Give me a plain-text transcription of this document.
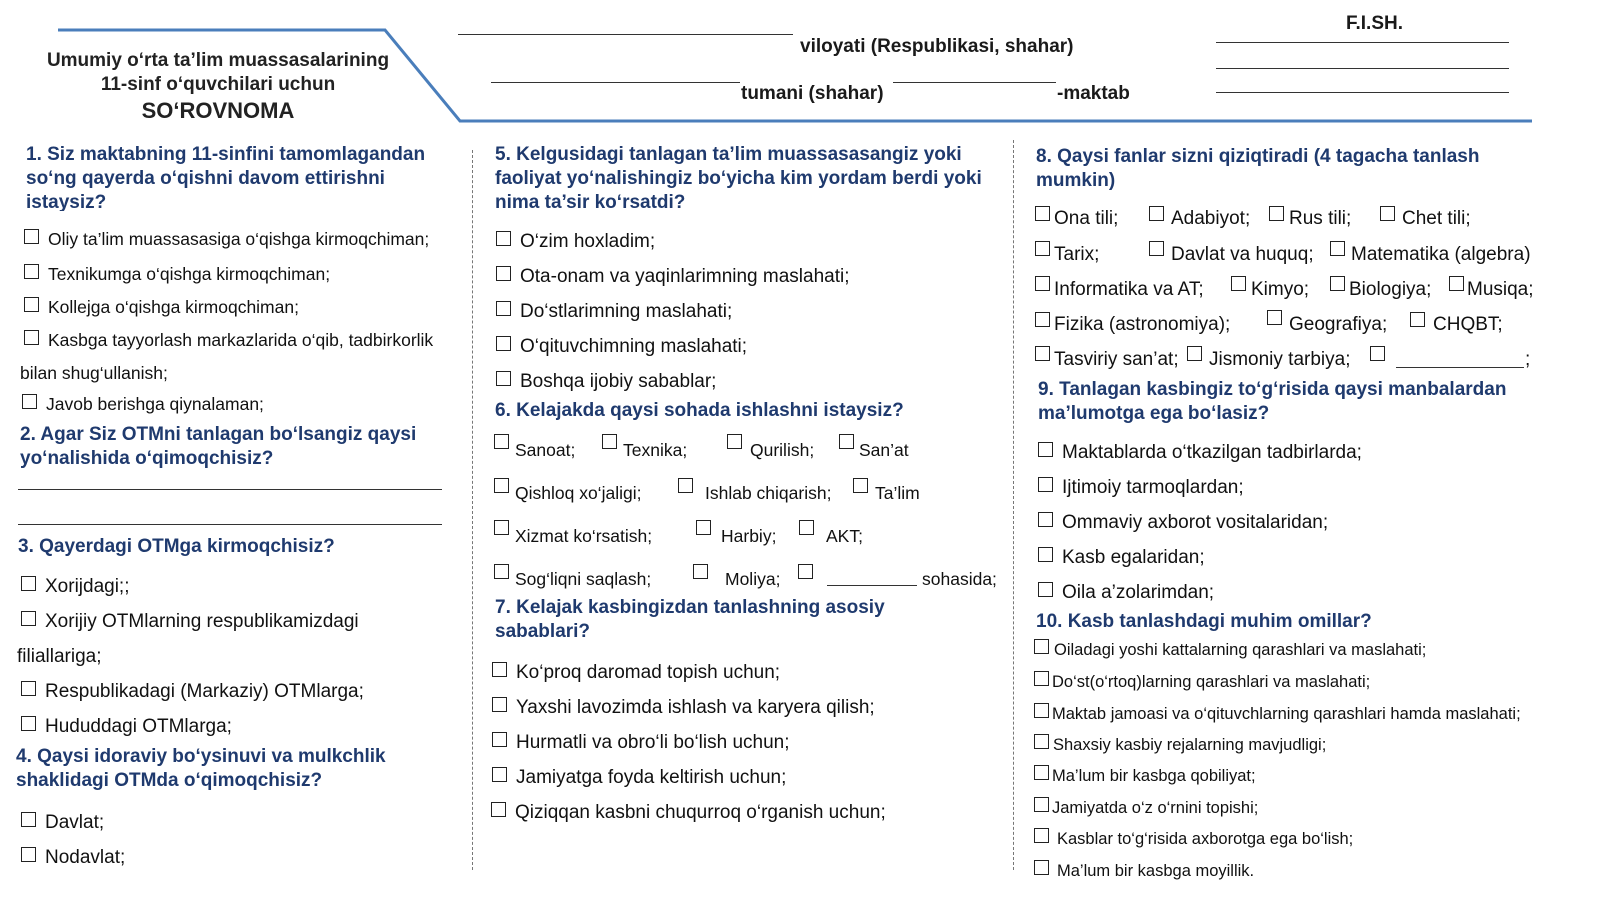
Umumiy o‘rta ta’lim muassasalarining
11-sinf o‘quvchilari uchun
SO‘ROVNOMA
viloyati (Respublikasi, shahar)
tumani (shahar)	-maktab
F.I.SH.
1. Siz maktabning 11-sinfini tamomlagandan so‘ng qayerda o‘qishni davom ettirishni istaysiz?
Oliy ta’lim muassasasiga o‘qishga kirmoqchiman;
Texnikumga o‘qishga kirmoqchiman;
Kollejga o‘qishga kirmoqchiman;
Kasbga tayyorlash markazlarida o‘qib, tadbirkorlik
bilan shug‘ullanish;
Javob berishga qiynalaman;
2. Agar Siz OTMni tanlagan bo‘lsangiz qaysi yo‘nalishida o‘qimoqchisiz?
3. Qayerdagi OTMga kirmoqchisiz?
Xorijdagi;;
Xorijiy OTMlarning respublikamizdagi
filiallariga;
Respublikadagi (Markaziy) OTMlarga;
Hududdagi OTMlarga;
4. Qaysi idoraviy bo‘ysinuvi va mulkchlik shaklidagi OTMda o‘qimoqchisiz?
Davlat;
Nodavlat;
5. Kelgusidagi tanlagan ta’lim muassasasangiz yoki faoliyat yo‘nalishingiz bo‘yicha kim yordam berdi yoki nima ta’sir ko‘rsatdi?
O‘zim hoxladim;
Ota-onam va yaqinlarimning maslahati;
Do‘stlarimning maslahati;
O‘qituvchimning maslahati;
Boshqa ijobiy sabablar;
6. Kelajakda qaysi sohada ishlashni istaysiz?
Sanoat;	Texnika;	Qurilish;	San’at
Qishloq xo‘jaligi;	Ishlab chiqarish; Ta’lim
Xizmat ko‘rsatish;	Harbiy;	AKT;
Sog‘liqni saqlash;	Moliya;	sohasida;
7. Kelajak kasbingizdan tanlashning asosiy sabablari?
Ko‘proq daromad topish uchun;
Yaxshi lavozimda ishlash va karyera qilish;
Hurmatli va obro‘li bo‘lish uchun;
Jamiyatga foyda keltirish uchun;
Qiziqqan kasbni chuqurroq o‘rganish uchun;
8. Qaysi fanlar sizni qiziqtiradi (4 tagacha tanlash mumkin)
Ona tili;	Adabiyot; Rus tili;	Chet tili;
Tarix;	Davlat va huquq; Matematika (algebra)
Informatika va AT; Kimyo; Biologiya; Musiqa;
Fizika (astronomiya);	Geografiya; CHQBT;
Tasviriy san’at; Jismoniy tarbiya;	;
9. Tanlagan kasbingiz to‘g‘risida qaysi manbalardan ma’lumotga ega bo‘lasiz?
Maktablarda o‘tkazilgan tadbirlarda;
Ijtimoiy tarmoqlardan;
Ommaviy axborot vositalaridan;
Kasb egalaridan;
Oila a’zolarimdan;
10. Kasb tanlashdagi muhim omillar?
Oiladagi yoshi kattalarning qarashlari va maslahati;
Do‘st(o‘rtoq)larning qarashlari va maslahati;
Maktab jamoasi va o‘qituvchlarning qarashlari hamda maslahati;
Shaxsiy kasbiy rejalarning mavjudligi;
Ma’lum bir kasbga qobiliyat;
Jamiyatda o‘z o‘rnini topishi;
Kasblar to‘g‘risida axborotga ega bo‘lish;
Ma’lum bir kasbga moyillik.
